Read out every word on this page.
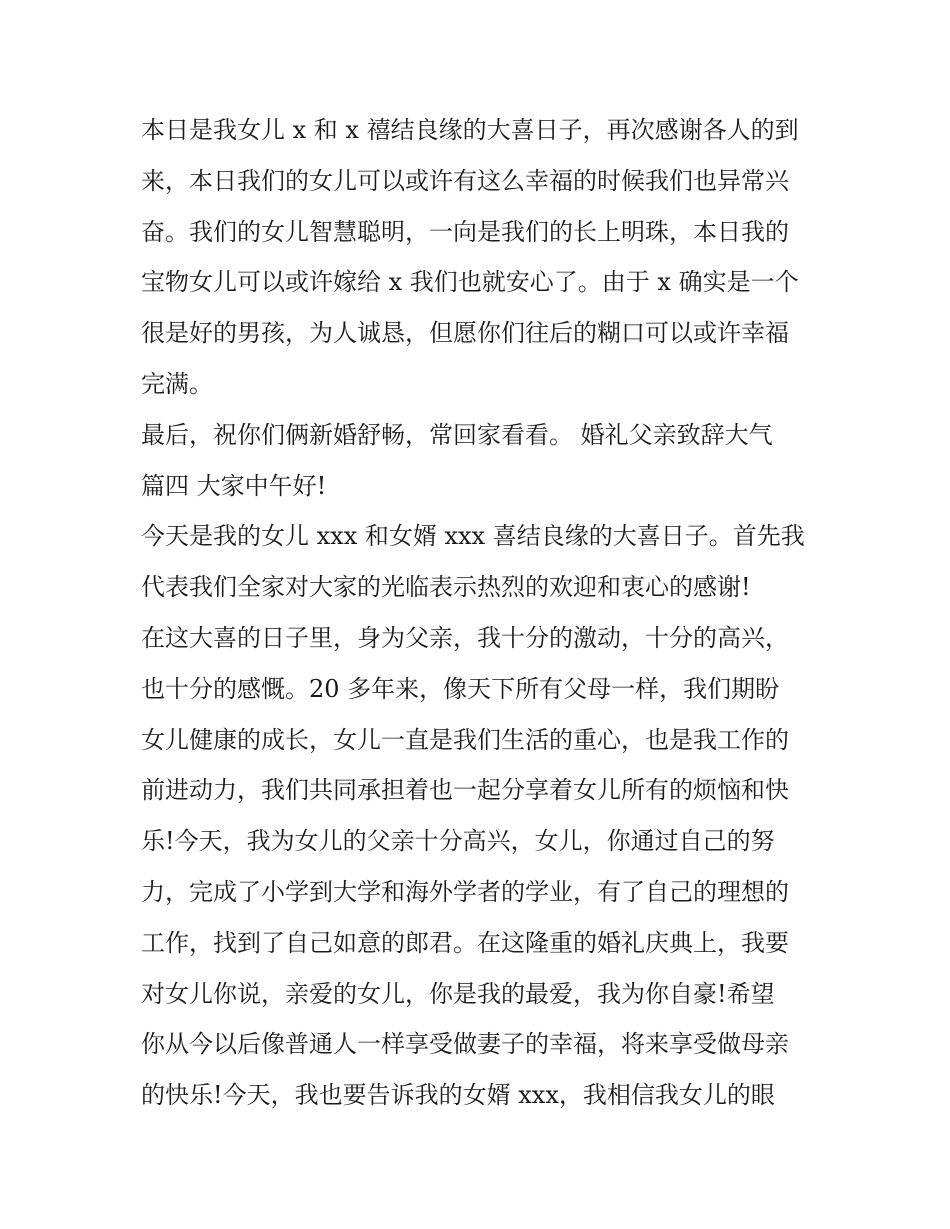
本日是我女儿 x 和 x 禧结良缘的大喜日子，再次感谢各人的到
来，本日我们的女儿可以或许有这么幸福的时候我们也异常兴
奋。我们的女儿智慧聪明，一向是我们的长上明珠，本日我的
宝物女儿可以或许嫁给 x 我们也就安心了。由于 x 确实是一个
很是好的男孩，为人诚恳，但愿你们往后的糊口可以或许幸福
完满。
最后，祝你们俩新婚舒畅，常回家看看。 婚礼父亲致辞大气
篇四 大家中午好!
今天是我的女儿 xxx 和女婿 xxx 喜结良缘的大喜日子。首先我
代表我们全家对大家的光临表示热烈的欢迎和衷心的感谢!
在这大喜的日子里，身为父亲，我十分的激动，十分的高兴，
也十分的感慨。20 多年来，像天下所有父母一样，我们期盼
女儿健康的成长，女儿一直是我们生活的重心，也是我工作的
前进动力，我们共同承担着也一起分享着女儿所有的烦恼和快
乐!今天，我为女儿的父亲十分高兴，女儿，你通过自己的努
力，完成了小学到大学和海外学者的学业，有了自己的理想的
工作，找到了自己如意的郎君。在这隆重的婚礼庆典上，我要
对女儿你说，亲爱的女儿，你是我的最爱，我为你自豪!希望
你从今以后像普通人一样享受做妻子的幸福，将来享受做母亲
的快乐!今天，我也要告诉我的女婿 xxx，我相信我女儿的眼
